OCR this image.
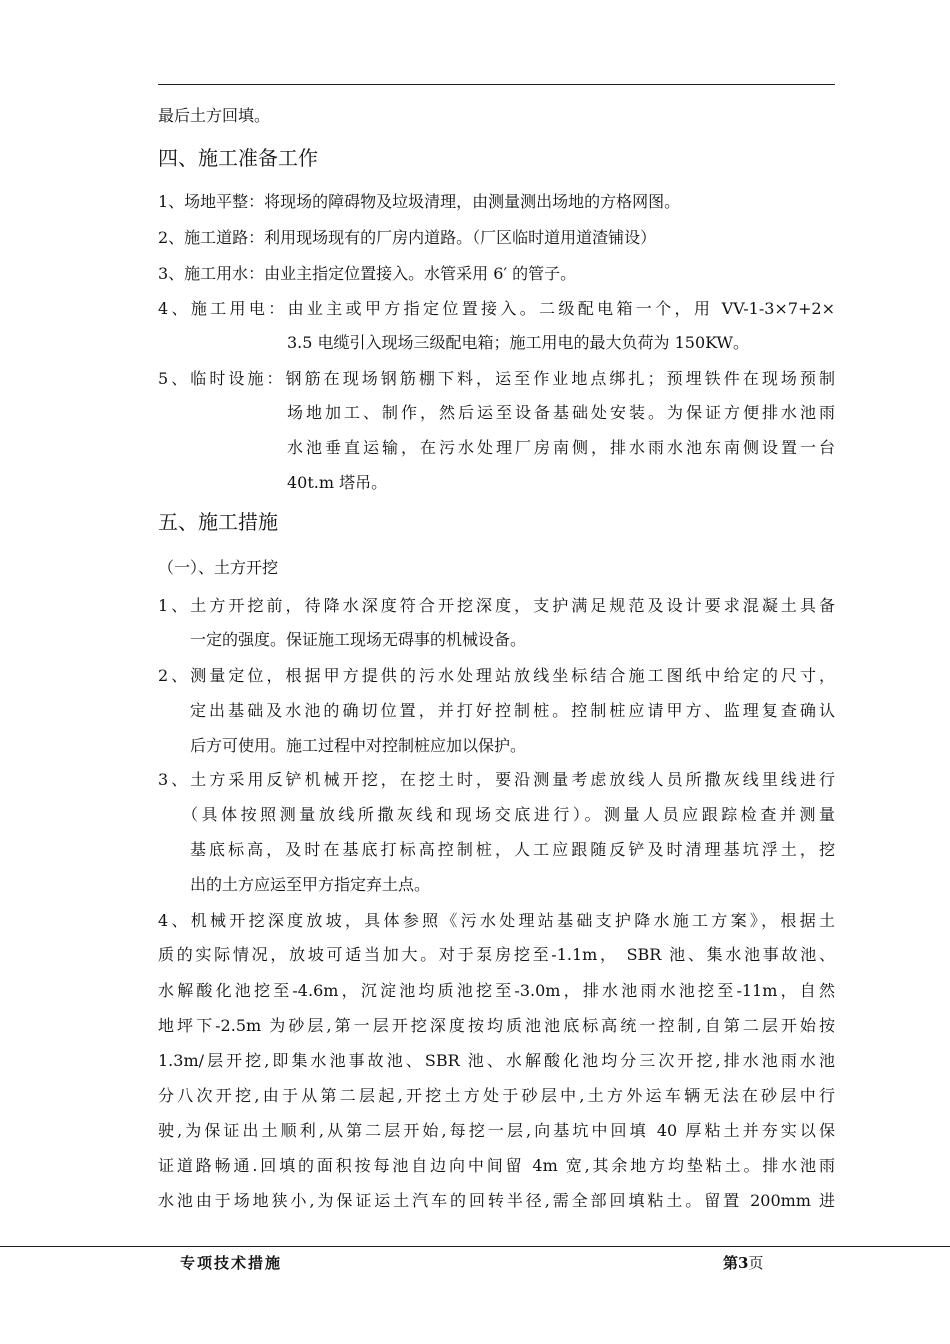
最后土方回填。
四、施工准备工作
1、场地平整：将现场的障碍物及垃圾清理，由测量测出场地的方格网图。
2、施工道路：利用现场现有的厂房内道路。（厂区临时道用道渣铺设）
3、施工用水：由业主指定位置接入。水管采用 6′ 的管子。
4、施工用电：由业主或甲方指定位置接入。二级配电箱一个，用 VV-1-3×7+2×
3.5 电缆引入现场三级配电箱；施工用电的最大负荷为 150KW。
5、临时设施：钢筋在现场钢筋棚下料，运至作业地点绑扎；预埋铁件在现场预制
场地加工、制作，然后运至设备基础处安装。为保证方便排水池雨
水池垂直运输，在污水处理厂房南侧，排水雨水池东南侧设置一台
40t.m 塔吊。
五、施工措施
（一）、土方开挖
1、土方开挖前，待降水深度符合开挖深度，支护满足规范及设计要求混凝土具备
一定的强度。保证施工现场无碍事的机械设备。
2、测量定位，根据甲方提供的污水处理站放线坐标结合施工图纸中给定的尺寸，
定出基础及水池的确切位置，并打好控制桩。控制桩应请甲方、监理复查确认
后方可使用。施工过程中对控制桩应加以保护。
3、土方采用反铲机械开挖，在挖土时，要沿测量考虑放线人员所撒灰线里线进行
（具体按照测量放线所撒灰线和现场交底进行）。测量人员应跟踪检查并测量
基底标高，及时在基底打标高控制桩，人工应跟随反铲及时清理基坑浮土，挖
出的土方应运至甲方指定弃土点。
4、机械开挖深度放坡，具体参照《污水处理站基础支护降水施工方案》，根据土
质的实际情况，放坡可适当加大。对于泵房挖至-1.1m， SBR 池、集水池事故池、
水解酸化池挖至-4.6m，沉淀池均质池挖至-3.0m，排水池雨水池挖至-11m，自然
地坪下-2.5m 为砂层,第一层开挖深度按均质池池底标高统一控制,自第二层开始按
1.3m/层开挖,即集水池事故池、SBR 池、水解酸化池均分三次开挖,排水池雨水池
分八次开挖,由于从第二层起,开挖土方处于砂层中,土方外运车辆无法在砂层中行
驶,为保证出土顺利,从第二层开始,每挖一层,向基坑中回填 40 厚粘土并夯实以保
证道路畅通.回填的面积按每池自边向中间留 4m 宽,其余地方均垫粘土。排水池雨
水池由于场地狭小,为保证运土汽车的回转半径,需全部回填粘土。留置 200mm 进
专项技术措施	第3页
